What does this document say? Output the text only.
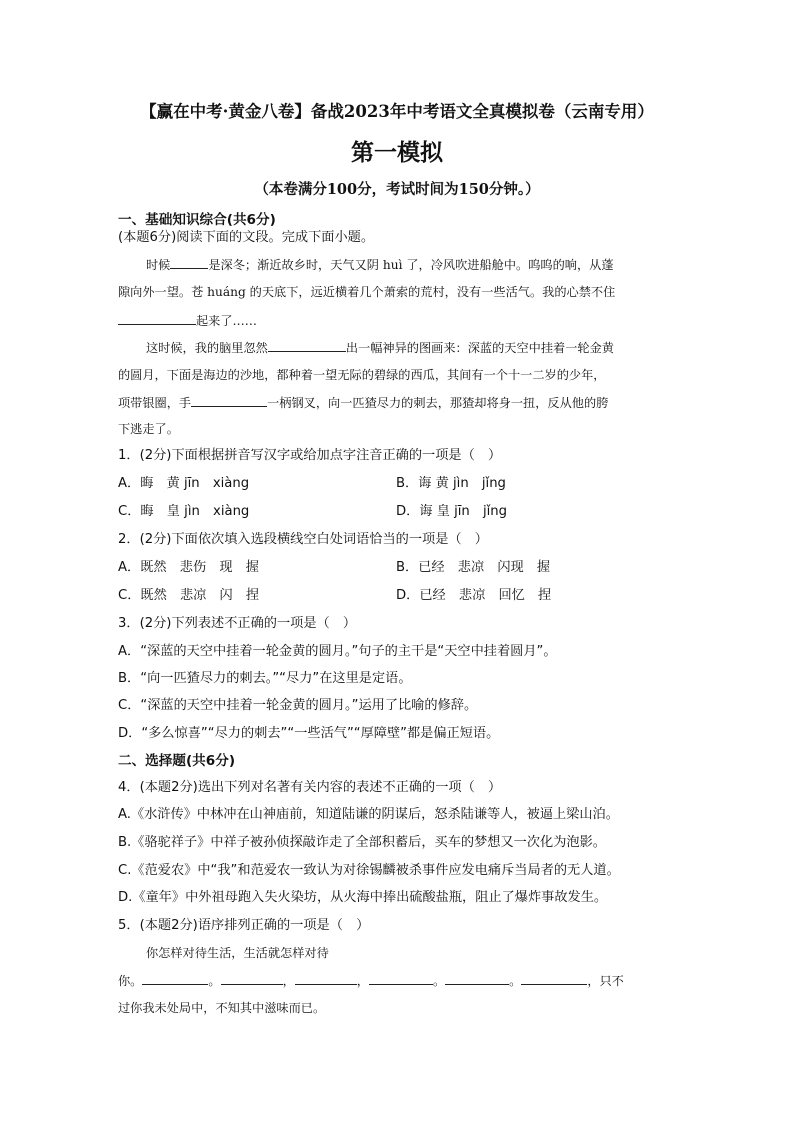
【赢在中考·黄金八卷】备战2023年中考语文全真模拟卷（云南专用）
第一模拟
（本卷满分100分，考试时间为150分钟。）
一、基础知识综合(共6分)
(本题6分)阅读下面的文段。完成下面小题。
时候	是深冬；渐近故乡时，天气又阴 huì 了，冷风吹进船舱中。呜呜的响，从蓬
隙向外一望。苍 huáng 的天底下，远近横着几个萧索的荒村，没有一些活气。我的心禁不住
起来了……
这时候，我的脑里忽然	出一幅神异的图画来：深蓝的天空中挂着一轮金黄
的圆月，下面是海边的沙地，都种着一望无际的碧绿的西瓜，其间有一个十一二岁的少年，
项带银圈，手	一柄钢叉，向一匹猹尽力的刺去，那猹却将身一扭，反从他的胯
下逃走了。
1．(2分)下面根据拼音写汉字或给加点字注音正确的一项是（　）
A．晦　黄 jīn　xiàng	B．诲 黄 jìn　jǐng
C．晦　皇 jìn　xiàng	D．诲 皇 jīn　jǐng
2．(2分)下面依次填入选段横线空白处词语恰当的一项是（　）
A．既然　悲伤　现　握	B．已经　悲凉　闪现　握
C．既然　悲凉　闪　捏	D．已经　悲凉　回忆　捏
3．(2分)下列表述不正确的一项是（　）
A．“深蓝的天空中挂着一轮金黄的圆月。”句子的主干是“天空中挂着圆月”。
B．“向一匹猹尽力的刺去。”“尽力”在这里是定语。
C．“深蓝的天空中挂着一轮金黄的圆月。”运用了比喻的修辞。
D．“多么惊喜”“尽力的刺去”“一些活气”“厚障壁”都是偏正短语。
二、选择题(共6分)
4．(本题2分)选出下列对名著有关内容的表述不正确的一项（　）
A.《水浒传》中林冲在山神庙前，知道陆谦的阴谋后，怒杀陆谦等人，被逼上梁山泊。
B.《骆驼祥子》中祥子被孙侦探敲诈走了全部积蓄后，买车的梦想又一次化为泡影。
C.《范爱农》中“我”和范爱农一致认为对徐锡麟被杀事件应发电痛斥当局者的无人道。
D.《童年》中外祖母跑入失火染坊，从火海中捧出硫酸盐瓶，阻止了爆炸事故发生。
5．(本题2分)语序排列正确的一项是（　）
你怎样对待生活，生活就怎样对待
你。	。	，	，	。	。	，只不
过你我未处局中，不知其中滋味而已。
